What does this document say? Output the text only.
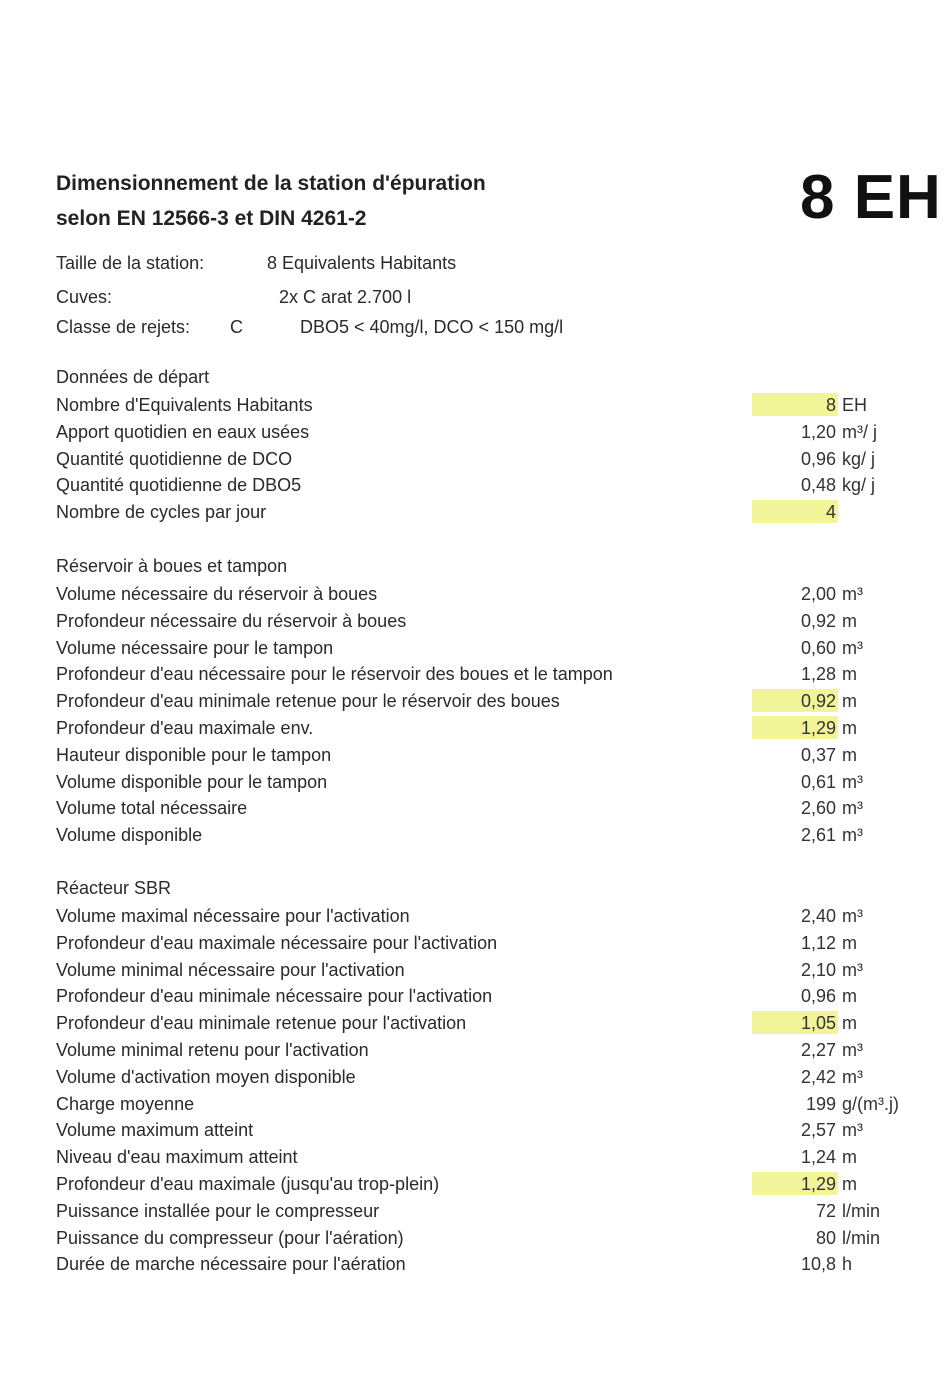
Dimensionnement de la station d'épuration
selon EN 12566-3 et DIN 4261-2	8 EH
Taille de la station:	8 Equivalents Habitants
Cuves:	2x C arat 2.700 l
Classe de rejets: C	DBO5 < 40mg/l, DCO < 150 mg/l
Données de départ
Nombre d'Equivalents Habitants	8 EH
Apport quotidien en eaux usées	1,20 m³/ j
Quantité quotidienne de DCO	0,96 kg/ j
Quantité quotidienne de DBO5	0,48 kg/ j
Nombre de cycles par jour	4
Réservoir à boues et tampon
Volume nécessaire du réservoir à boues	2,00 m³
Profondeur nécessaire du réservoir à boues	0,92 m
Volume nécessaire pour le tampon	0,60 m³
Profondeur d'eau nécessaire pour le réservoir des boues et le tampon	1,28 m
Profondeur d'eau minimale retenue pour le réservoir des boues	0,92 m
Profondeur d'eau maximale env.	1,29 m
Hauteur disponible pour le tampon	0,37 m
Volume disponible pour le tampon	0,61 m³
Volume total nécessaire	2,60 m³
Volume disponible	2,61 m³
Réacteur SBR
Volume maximal nécessaire pour l'activation	2,40 m³
Profondeur d'eau maximale nécessaire pour l'activation	1,12 m
Volume minimal nécessaire pour l'activation	2,10 m³
Profondeur d'eau minimale nécessaire pour l'activation	0,96 m
Profondeur d'eau minimale retenue pour l'activation	1,05 m
Volume minimal retenu pour l'activation	2,27 m³
Volume d'activation moyen disponible	2,42 m³
Charge moyenne	199 g/(m³.j)
Volume maximum atteint	2,57 m³
Niveau d'eau maximum atteint	1,24 m
Profondeur d'eau maximale (jusqu'au trop-plein)	1,29 m
Puissance installée pour le compresseur	72 l/min
Puissance du compresseur (pour l'aération)	80 l/min
Durée de marche nécessaire pour l'aération	10,8 h
